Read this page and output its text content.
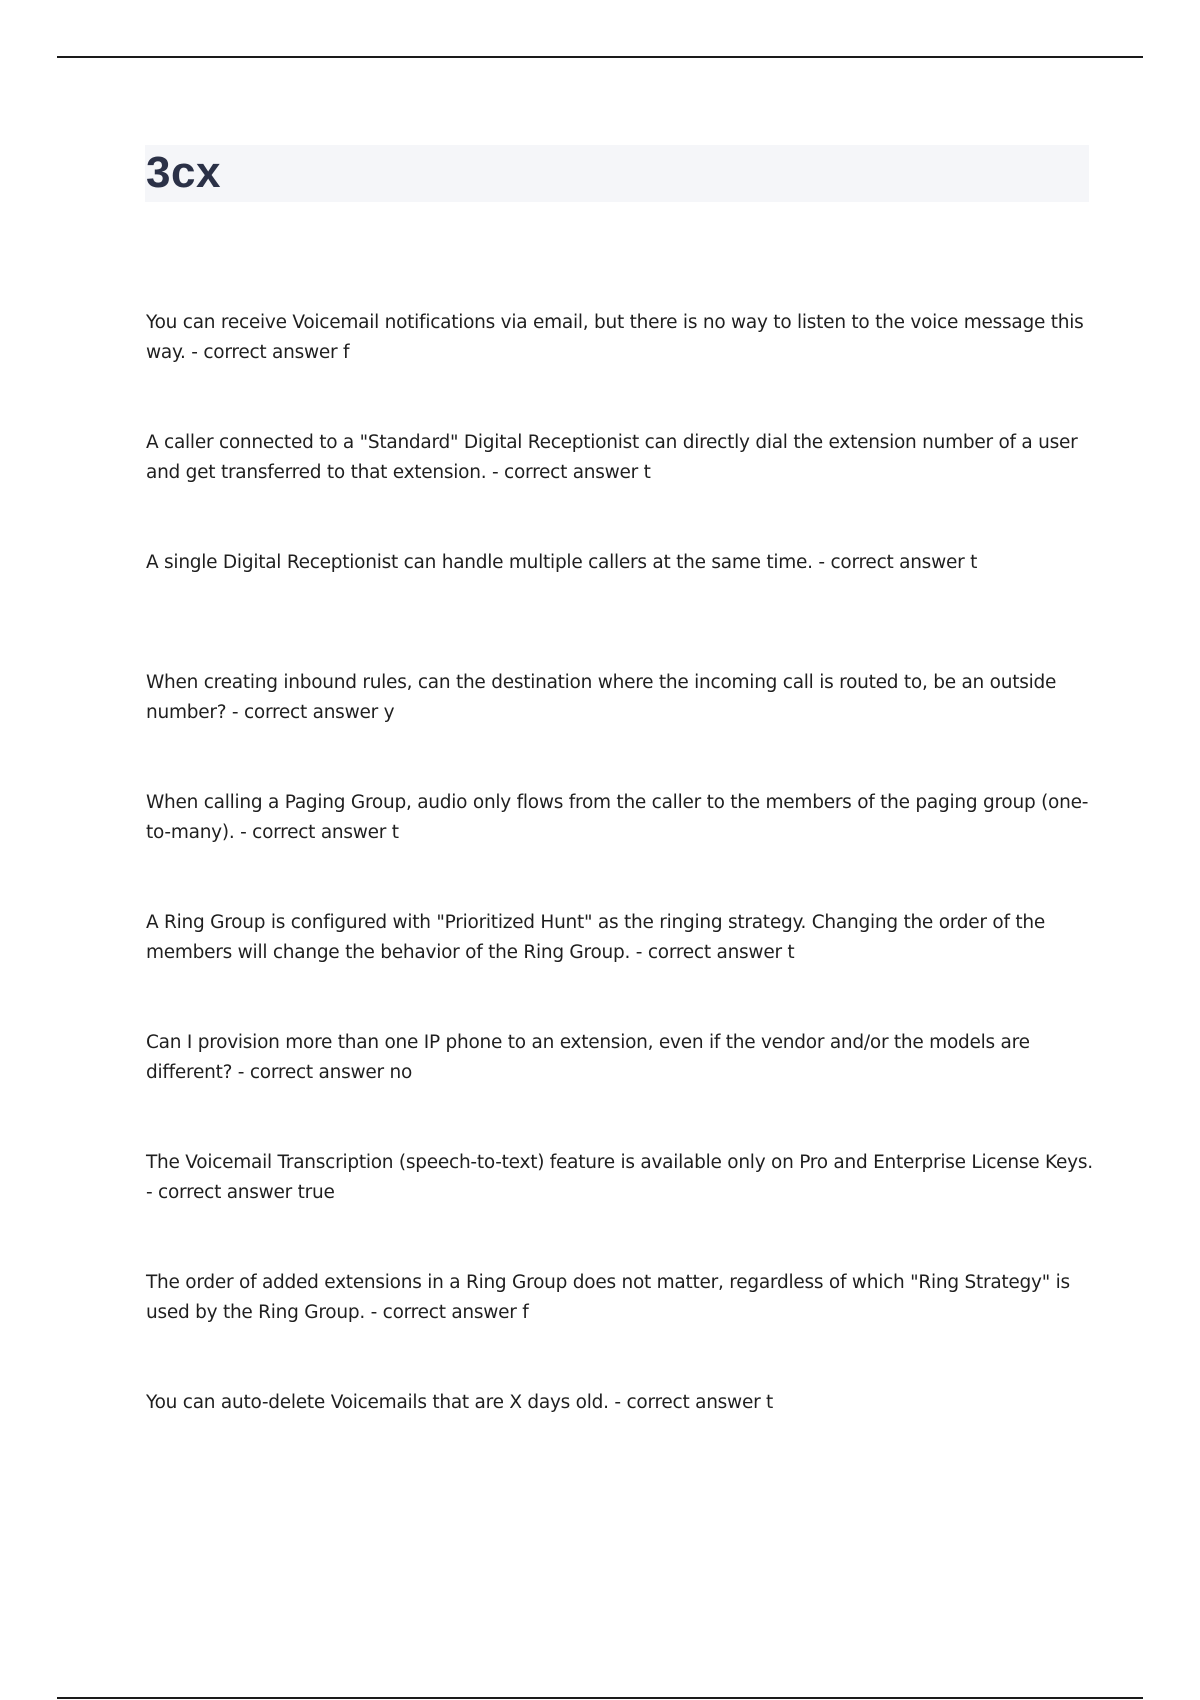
3cx

You can receive Voicemail notifications via email, but there is no way to listen to the voice message this way. - correct answer f

A caller connected to a "Standard" Digital Receptionist can directly dial the extension number of a user and get transferred to that extension. - correct answer t

A single Digital Receptionist can handle multiple callers at the same time. - correct answer t

When creating inbound rules, can the destination where the incoming call is routed to, be an outside number? - correct answer y

When calling a Paging Group, audio only flows from the caller to the members of the paging group (one-to-many). - correct answer t

A Ring Group is configured with "Prioritized Hunt" as the ringing strategy. Changing the order of the members will change the behavior of the Ring Group. - correct answer t

Can I provision more than one IP phone to an extension, even if the vendor and/or the models are different? - correct answer no

The Voicemail Transcription (speech-to-text) feature is available only on Pro and Enterprise License Keys. - correct answer true

The order of added extensions in a Ring Group does not matter, regardless of which "Ring Strategy" is used by the Ring Group. - correct answer f

You can auto-delete Voicemails that are X days old. - correct answer t
